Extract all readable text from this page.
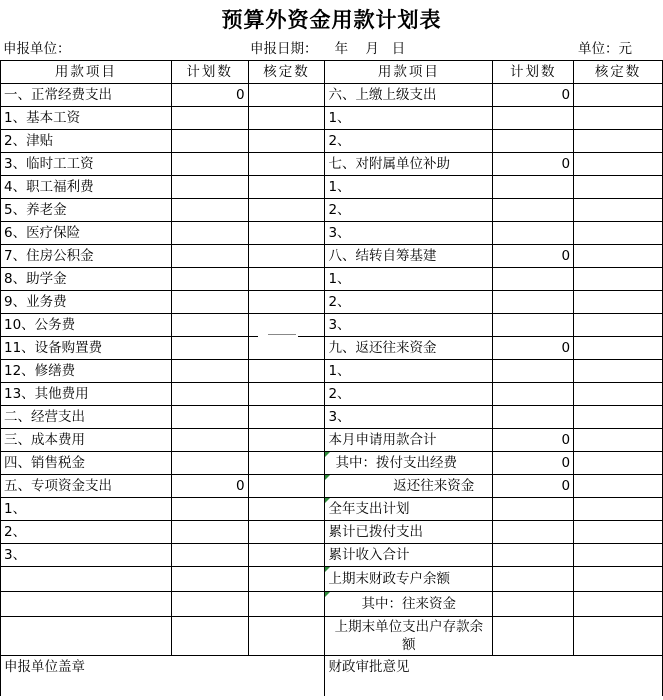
预算外资金用款计划表
申报单位：	申报日期：    年    月   日	单位：元
用款项目	计划数	核定数	用款项目	计划数	核定数
一、正常经费支出	0		六、上缴上级支出	0	
1、基本工资			1、		
2、津贴			2、		
3、临时工工资			七、对附属单位补助	0	
4、职工福利费			1、		
5、养老金			2、		
6、医疗保险			3、		
7、住房公积金			八、结转自筹基建	0	
8、助学金			1、		
9、业务费			2、		
10、公务费			3、		
11、设备购置费			九、返还往来资金	0	
12、修缮费			1、		
13、其他费用			2、		
二、经营支出			3、		
三、成本费用			本月申请用款合计	0	
四、销售税金			其中：拨付支出经费	0	
五、专项资金支出	0		返还往来资金	0	
1、			全年支出计划		
2、			累计已拨付支出		
3、			累计收入合计		
			上期末财政专户余额		
			其中：往来资金		
			上期末单位支出户存款余额		
申报单位盖章			财政审批意见		
